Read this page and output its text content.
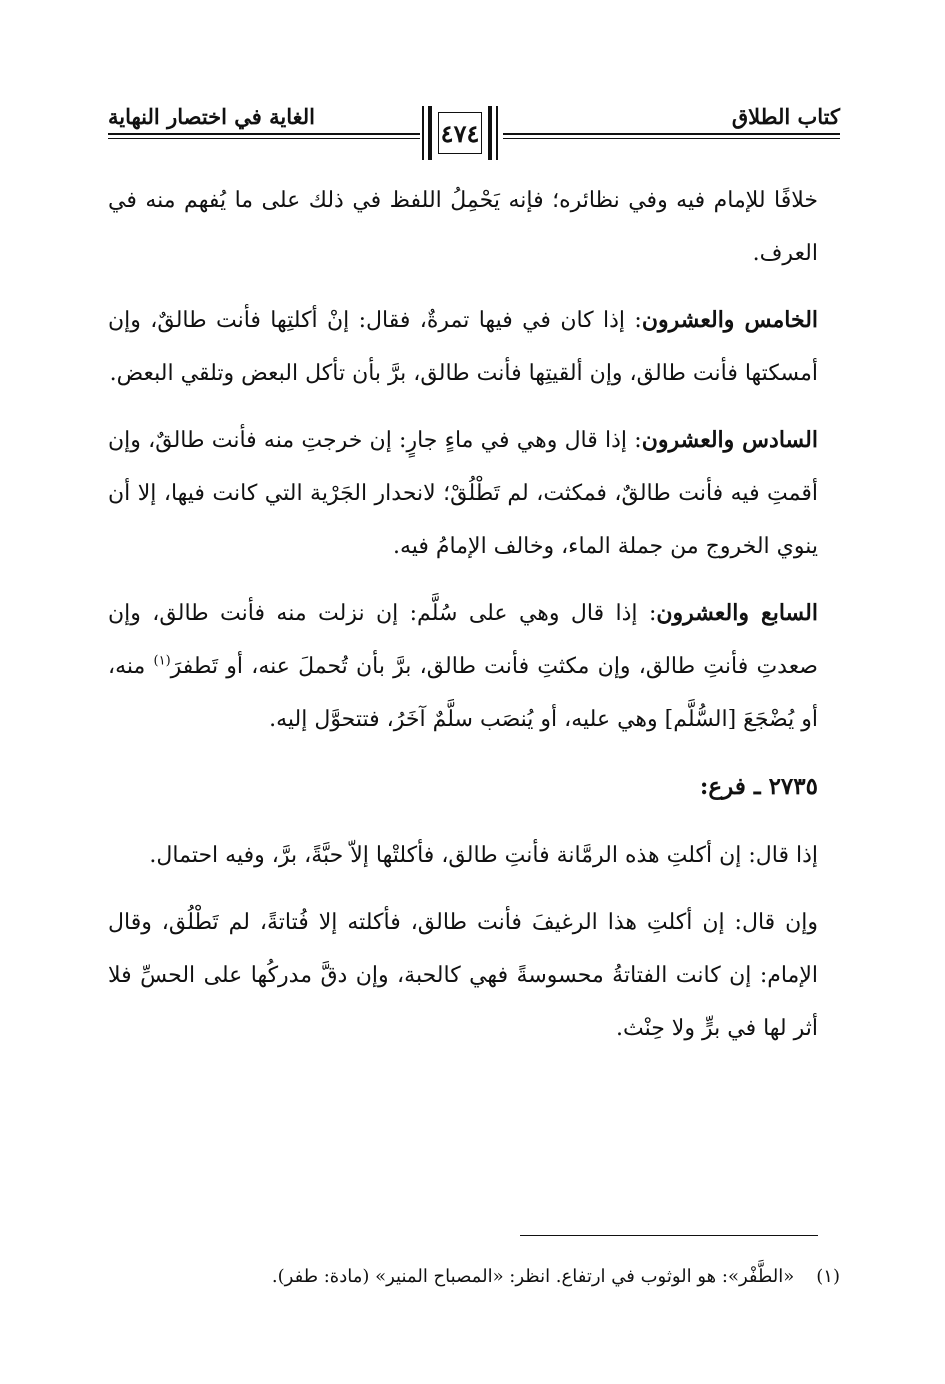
كتاب الطلاق
الغاية في اختصار النهاية
٤٧٤

خلافًا للإمام فيه وفي نظائره؛ فإنه يَحْمِلُ اللفظ في ذلك على ما يُفهم منه في العرف.

الخامس والعشرون: إذا كان في فيها تمرةٌ، فقال: إنْ أكلتِها فأنت طالقٌ، وإن أمسكتها فأنت طالق، وإن ألقيتِها فأنت طالق، برَّ بأن تأكل البعض وتلقي البعض.

السادس والعشرون: إذا قال وهي في ماءٍ جارٍ: إن خرجتِ منه فأنت طالقٌ، وإن أقمتِ فيه فأنت طالقٌ، فمكثت، لم تَطْلُقْ؛ لانحدار الجَرْية التي كانت فيها، إلا أن ينوي الخروج من جملة الماء، وخالف الإمامُ فيه.

السابع والعشرون: إذا قال وهي على سُلَّم: إن نزلت منه فأنت طالق، وإن صعدتِ فأنتِ طالق، وإن مكثتِ فأنت طالق، برَّ بأن تُحملَ عنه، أو تَطفرَ$^{(١)}$ منه، أو يُضْجَعَ [السُّلَّم] وهي عليه، أو يُنصَب سلَّمٌ آخَرُ، فتتحوَّل إليه.

٢٧٣٥ ـ فرع:

إذا قال: إن أكلتِ هذه الرمَّانة فأنتِ طالق، فأكلتْها إلاّ حبَّةً، برَّ، وفيه احتمال.

وإن قال: إن أكلتِ هذا الرغيفَ فأنت طالق، فأكلته إلا فُتاتةً، لم تَطْلُق، وقال الإمام: إن كانت الفتاتةُ محسوسةً فهي كالحبة، وإن دقَّ مدركُها على الحسِّ فلا أثر لها في برٍّ ولا حِنْث.

(١)«الطَّفْر»: هو الوثوب في ارتفاع. انظر: «المصباح المنير» (مادة: طفر).
